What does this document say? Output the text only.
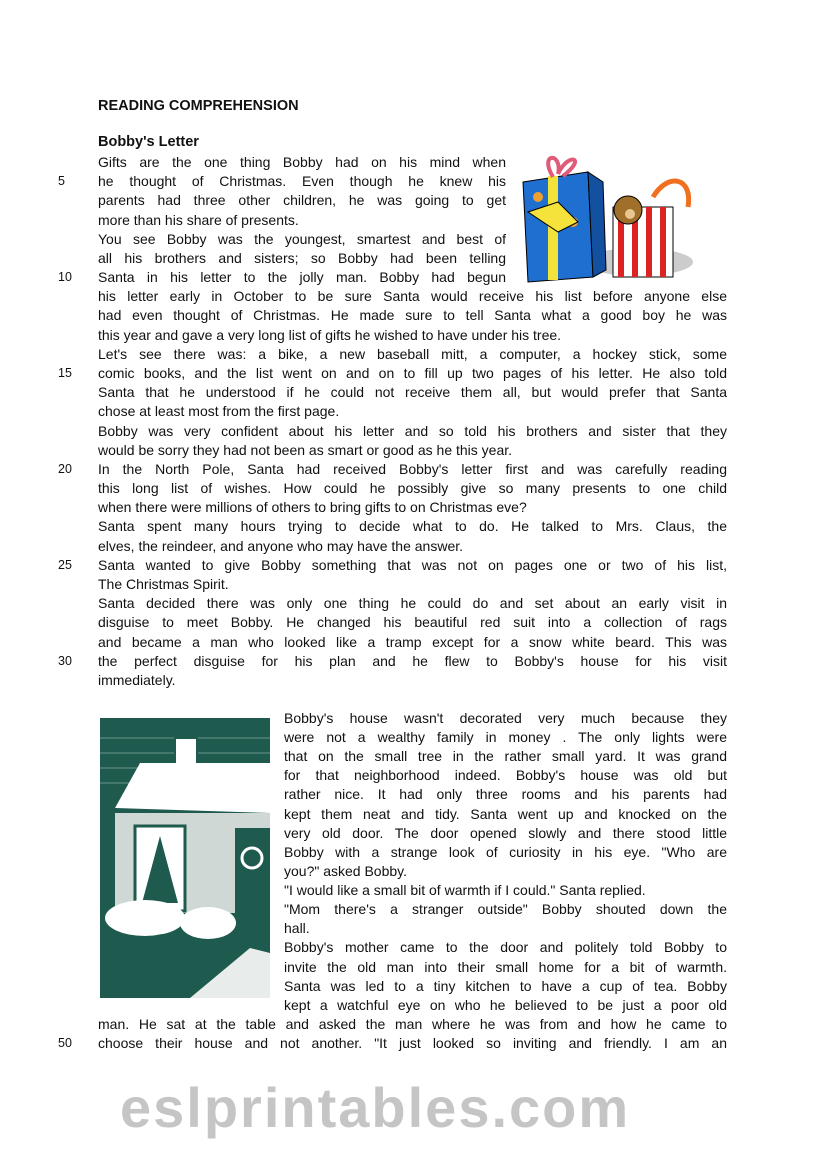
READING COMPREHENSION
Bobby's Letter
Gifts are the one thing Bobby had on his mind when
he thought of Christmas. Even though he knew his
5
parents had three other children, he was going to get
more than his share of presents.
You see Bobby was the youngest, smartest and best of
all his brothers and sisters; so Bobby had been telling
Santa in his letter to the jolly man. Bobby had begun
10
his letter early in October to be sure Santa would receive his list before anyone else
had even thought of Christmas. He made sure to tell Santa what a good boy he was
this year and gave a very long list of gifts he wished to have under his tree.
Let's see there was: a bike, a new baseball mitt, a computer, a hockey stick, some
comic books, and the list went on and on to fill up two pages of his letter. He also told
15
Santa that he understood if he could not receive them all, but would prefer that Santa
chose at least most from the first page.
Bobby was very confident about his letter and so told his brothers and sister that they
would be sorry they had not been as smart or good as he this year.
In the North Pole, Santa had received Bobby's letter first and was carefully reading
20
this long list of wishes. How could he possibly give so many presents to one child
when there were millions of others to bring gifts to on Christmas eve?
Santa spent many hours trying to decide what to do. He talked to Mrs. Claus, the
elves, the reindeer, and anyone who may have the answer.
Santa wanted to give Bobby something that was not on pages one or two of his list,
25
The Christmas Spirit.
Santa decided there was only one thing he could do and set about an early visit in
disguise to meet Bobby. He changed his beautiful red suit into a collection of rags
and became a man who looked like a tramp except for a snow white beard. This was
the perfect disguise for his plan and he flew to Bobby's house for his visit
30
immediately.
Bobby's house wasn't decorated very much because they
were not a wealthy family in money . The only lights were
that on the small tree in the rather small yard. It was grand
for that neighborhood indeed. Bobby's house was old but
rather nice. It had only three rooms and his parents had
kept them neat and tidy. Santa went up and knocked on the
very old door. The door opened slowly and there stood little
Bobby with a strange look of curiosity in his eye. "Who are
you?" asked Bobby.
"I would like a small bit of warmth if I could." Santa replied.
"Mom there's a stranger outside" Bobby shouted down the
hall.
Bobby's mother came to the door and politely told Bobby to
invite the old man into their small home for a bit of warmth.
Santa was led to a tiny kitchen to have a cup of tea. Bobby
kept a watchful eye on who he believed to be just a poor old
man. He sat at the table and asked the man where he was from and how he came to
choose their house and not another. "It just looked so inviting and friendly. I am an
50
eslprintables.com
